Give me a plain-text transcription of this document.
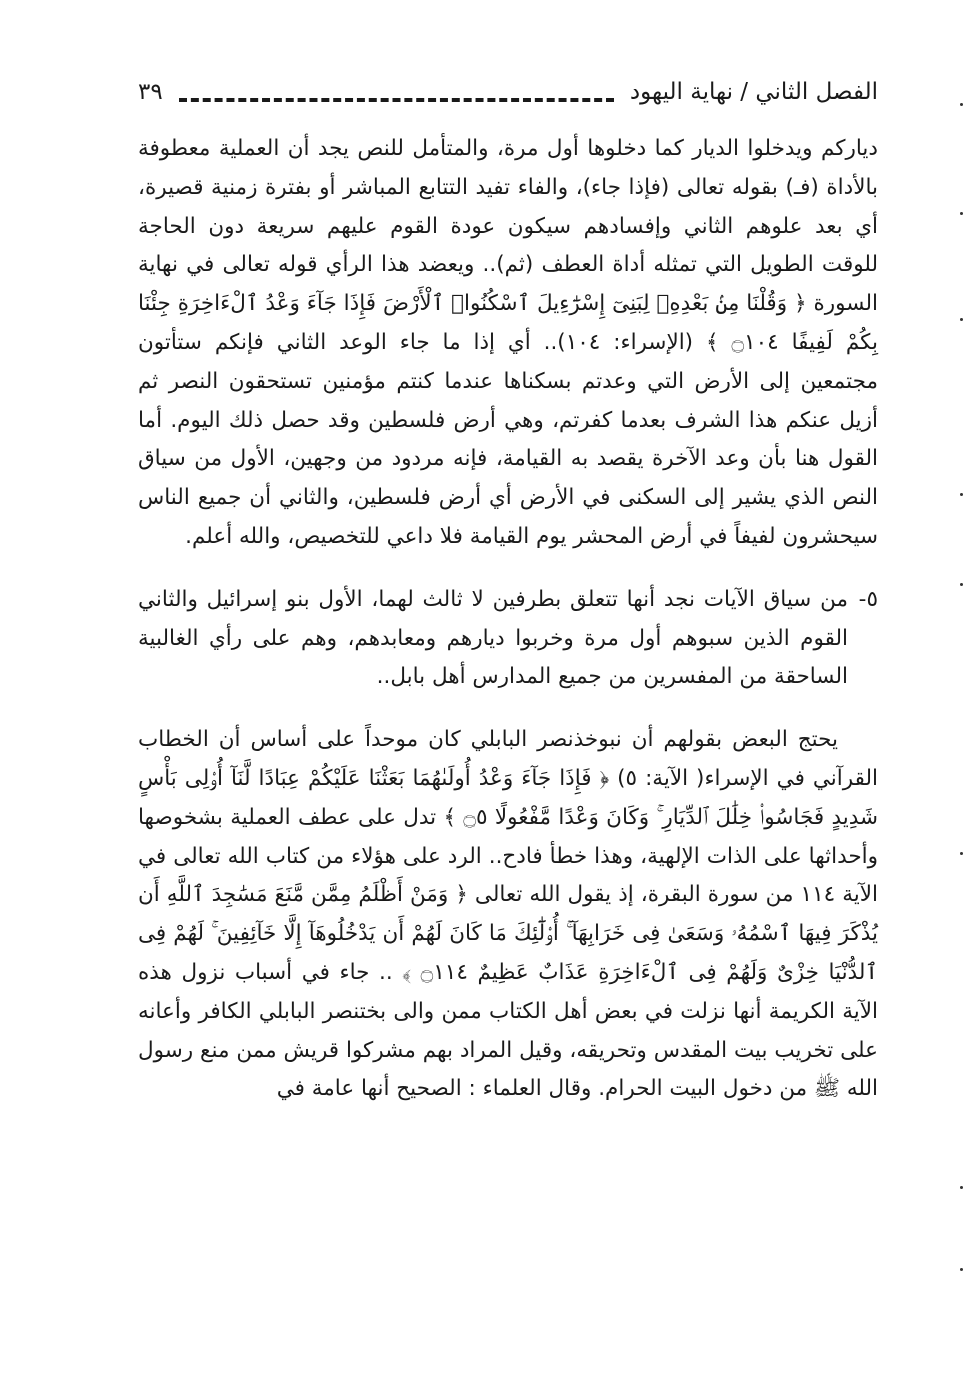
الفصل الثاني / نهاية اليهود
٣٩

دياركم ويدخلوا الديار كما دخلوها أول مرة، والمتأمل للنص يجد أن العملية معطوفة بالأداة (فـ) بقوله تعالى (فإذا جاء)، والفاء تفيد التتابع المباشر أو بفترة زمنية قصيرة، أي بعد علوهم الثاني وإفسادهم سيكون عودة القوم عليهم سريعة دون الحاجة للوقت الطويل التي تمثله أداة العطف (ثم).. ويعضد هذا الرأي قوله تعالى في نهاية السورة ﴿ وَقُلْنَا مِنۢ بَعْدِهِۦ لِبَنِىٓ إِسْرَٰٓءِيلَ ٱسْكُنُوا۟ ٱلْأَرْضَ فَإِذَا جَآءَ وَعْدُ ٱلْءَاخِرَةِ جِئْنَا بِكُمْ لَفِيفًا ۝١٠٤ ﴾ (الإسراء: ١٠٤).. أي إذا ما جاء الوعد الثاني فإنكم ستأتون مجتمعين إلى الأرض التي وعدتم بسكناها عندما كنتم مؤمنين تستحقون النصر ثم أزيل عنكم هذا الشرف بعدما كفرتم، وهي أرض فلسطين وقد حصل ذلك اليوم. أما القول هنا بأن وعد الآخرة يقصد به القيامة، فإنه مردود من وجهين، الأول من سياق النص الذي يشير إلى السكنى في الأرض أي أرض فلسطين، والثاني أن جميع الناس سيحشرون لفيفاً في أرض المحشر يوم القيامة فلا داعي للتخصيص، والله أعلم.

٥-

من سياق الآيات نجد أنها تتعلق بطرفين لا ثالث لهما، الأول بنو إسرائيل والثاني القوم الذين سبوهم أول مرة وخربوا ديارهم ومعابدهم، وهم على رأي الغالبية الساحقة من المفسرين من جميع المدارس أهل بابل..

يحتج البعض بقولهم أن نبوخذنصر البابلي كان موحداً على أساس أن الخطاب القرآني في الإسراء( الآية: ٥) ﴿ فَإِذَا جَآءَ وَعْدُ أُولَىٰهُمَا بَعَثْنَا عَلَيْكُمْ عِبَادًا لَّنَآ أُو۟لِى بَأْسٍ شَدِيدٍ فَجَاسُوا۟ خِلَٰلَ ٱلدِّيَارِ ۚ وَكَانَ وَعْدًا مَّفْعُولًا ۝٥ ﴾ تدل على عطف العملية بشخوصها وأحداثها على الذات الإلهية، وهذا خطأ فادح.. الرد على هؤلاء من كتاب الله تعالى في الآية ١١٤ من سورة البقرة، إذ يقول الله تعالى ﴿ وَمَنْ أَظْلَمُ مِمَّن مَّنَعَ مَسَٰجِدَ ٱللَّهِ أَن يُذْكَرَ فِيهَا ٱسْمُهُۥ وَسَعَىٰ فِى خَرَابِهَآ ۚ أُو۟لَٰٓئِكَ مَا كَانَ لَهُمْ أَن يَدْخُلُوهَآ إِلَّا خَآئِفِينَ ۚ لَهُمْ فِى ٱلدُّنْيَا خِزْىٌ وَلَهُمْ فِى ٱلْءَاخِرَةِ عَذَابٌ عَظِيمٌ ۝١١٤ ﴾ .. جاء في أسباب نزول هذه الآية الكريمة أنها نزلت في بعض أهل الكتاب ممن والى بختنصر البابلي الكافر وأعانه على تخريب بيت المقدس وتحريقه، وقيل المراد بهم مشركوا قريش ممن منع رسول الله ﷺ من دخول البيت الحرام. وقال العلماء : الصحيح أنها عامة في
